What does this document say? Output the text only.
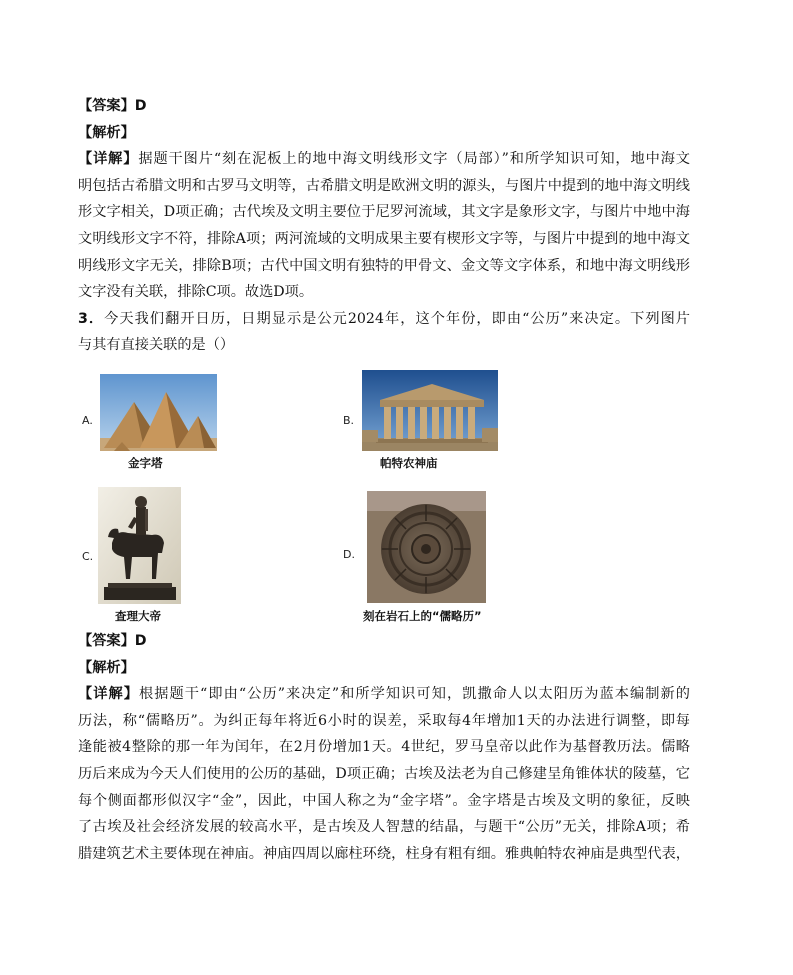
【答案】D
【解析】
【详解】据题干图片“刻在泥板上的地中海文明线形文字（局部）”和所学知识可知，地中海文
明包括古希腊文明和古罗马文明等，古希腊文明是欧洲文明的源头，与图片中提到的地中海文明线
形文字相关，D项正确；古代埃及文明主要位于尼罗河流域，其文字是象形文字，与图片中地中海
文明线形文字不符，排除A项；两河流域的文明成果主要有楔形文字等，与图片中提到的地中海文
明线形文字无关，排除B项；古代中国文明有独特的甲骨文、金文等文字体系，和地中海文明线形
文字没有关联，排除C项。故选D项。
3．今天我们翻开日历，日期显示是公元2024年，这个年份，即由“公历”来决定。下列图片
与其有直接关联的是（）
A.
金字塔
B.
帕特农神庙
C.
查理大帝
D.
刻在岩石上的“儒略历”
【答案】D
【解析】
【详解】根据题干“即由“公历”来决定”和所学知识可知，凯撒命人以太阳历为蓝本编制新的
历法，称“儒略历”。为纠正每年将近6小时的误差，采取每4年增加1天的办法进行调整，即每
逢能被4整除的那一年为闰年，在2月份增加1天。4世纪，罗马皇帝以此作为基督教历法。儒略
历后来成为今天人们使用的公历的基础，D项正确；古埃及法老为自己修建呈角锥体状的陵墓，它
每个侧面都形似汉字“金”，因此，中国人称之为“金字塔”。金字塔是古埃及文明的象征，反映
了古埃及社会经济发展的较高水平，是古埃及人智慧的结晶，与题干“公历”无关，排除A项；希
腊建筑艺术主要体现在神庙。神庙四周以廊柱环绕，柱身有粗有细。雅典帕特农神庙是典型代表，
